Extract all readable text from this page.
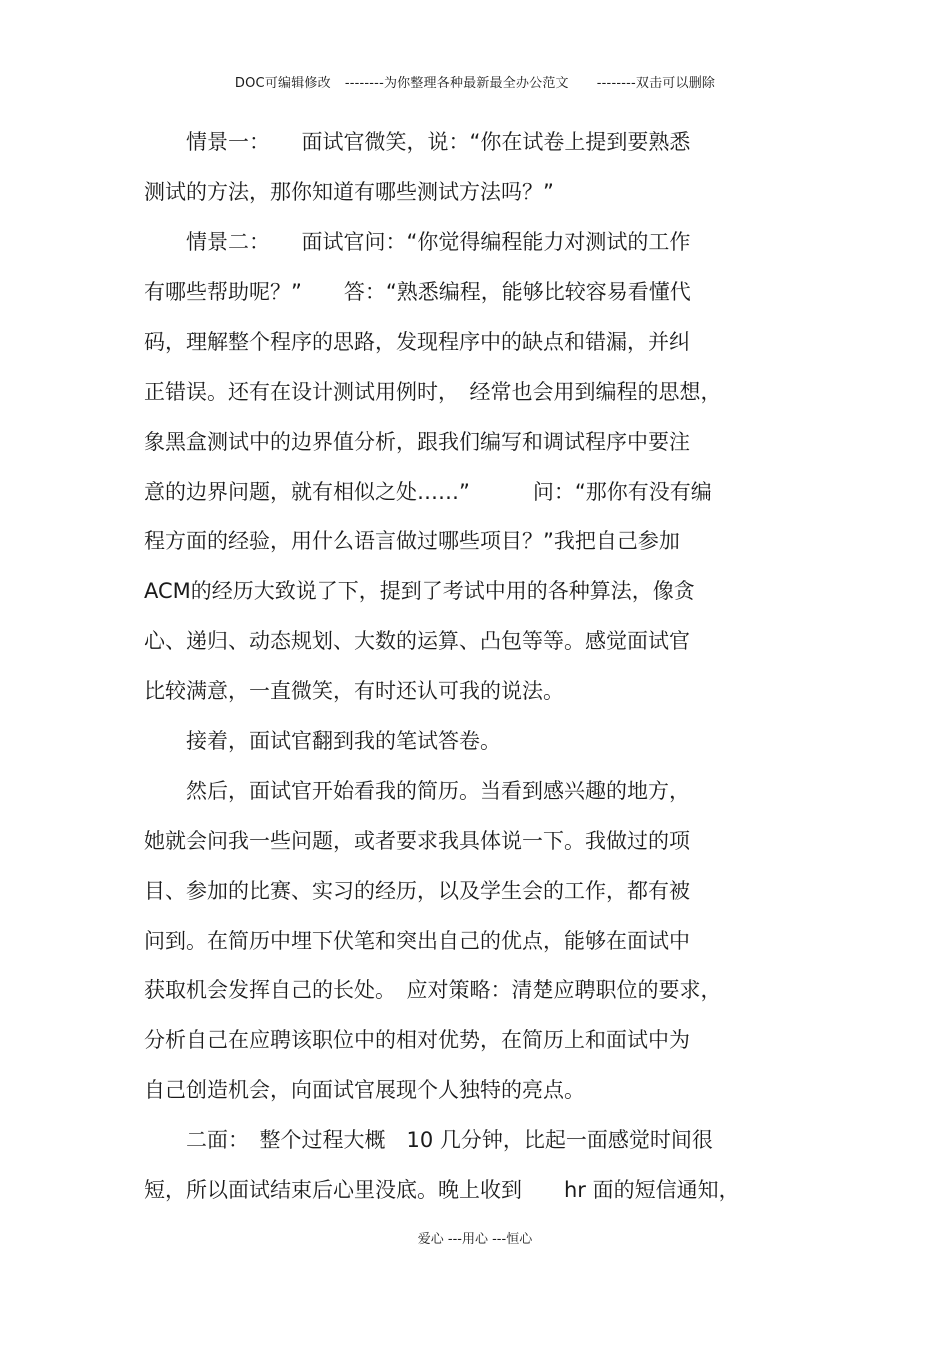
DOC可编辑修改 --------为你整理各种最新最全办公范文 --------双击可以删除
　　情景一：　　面试官微笑，说：“你在试卷上提到要熟悉
测试的方法，那你知道有哪些测试方法吗？”
　　情景二：　　面试官问：“你觉得编程能力对测试的工作
有哪些帮助呢？”　　答：“熟悉编程，能够比较容易看懂代
码，理解整个程序的思路，发现程序中的缺点和错漏，并纠
正错误。还有在设计测试用例时，　经常也会用到编程的思想，
象黑盒测试中的边界值分析，跟我们编写和调试程序中要注
意的边界问题，就有相似之处……”　　　问：“那你有没有编
程方面的经验，用什么语言做过哪些项目？”我把自己参加
ACM的经历大致说了下，提到了考试中用的各种算法，像贪
心、递归、动态规划、大数的运算、凸包等等。感觉面试官
比较满意，一直微笑，有时还认可我的说法。
　　接着，面试官翻到我的笔试答卷。
　　然后，面试官开始看我的简历。当看到感兴趣的地方，
她就会问我一些问题，或者要求我具体说一下。我做过的项
目、参加的比赛、实习的经历，以及学生会的工作，都有被
问到。在简历中埋下伏笔和突出自己的优点，能够在面试中
获取机会发挥自己的长处。　应对策略：清楚应聘职位的要求，
分析自己在应聘该职位中的相对优势，在简历上和面试中为
自己创造机会，向面试官展现个人独特的亮点。
　　二面：　整个过程大概　10 几分钟，比起一面感觉时间很
短，所以面试结束后心里没底。晚上收到　　hr 面的短信通知，
爱心 ---用心 ---恒心
